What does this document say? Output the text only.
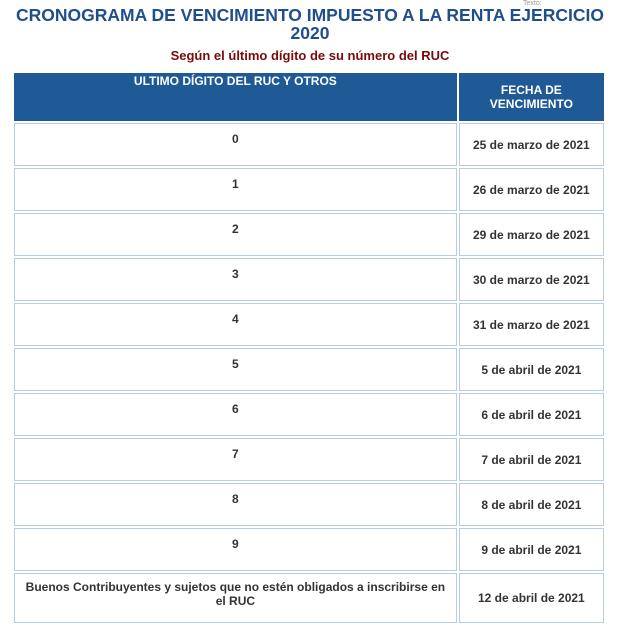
Texto:
CRONOGRAMA DE VENCIMIENTO IMPUESTO A LA RENTA EJERCICIO 2020

Según el último dígito de su número del RUC

ULTIMO DÍGITO DEL RUC Y OTROS	FECHA DE VENCIMIENTO
0	25 de marzo de 2021
1	26 de marzo de 2021
2	29 de marzo de 2021
3	30 de marzo de 2021
4	31 de marzo de 2021
5	5 de abril de 2021
6	6 de abril de 2021
7	7 de abril de 2021
8	8 de abril de 2021
9	9 de abril de 2021
Buenos Contribuyentes y sujetos que no estén obligados a inscribirse en el RUC	12 de abril de 2021
